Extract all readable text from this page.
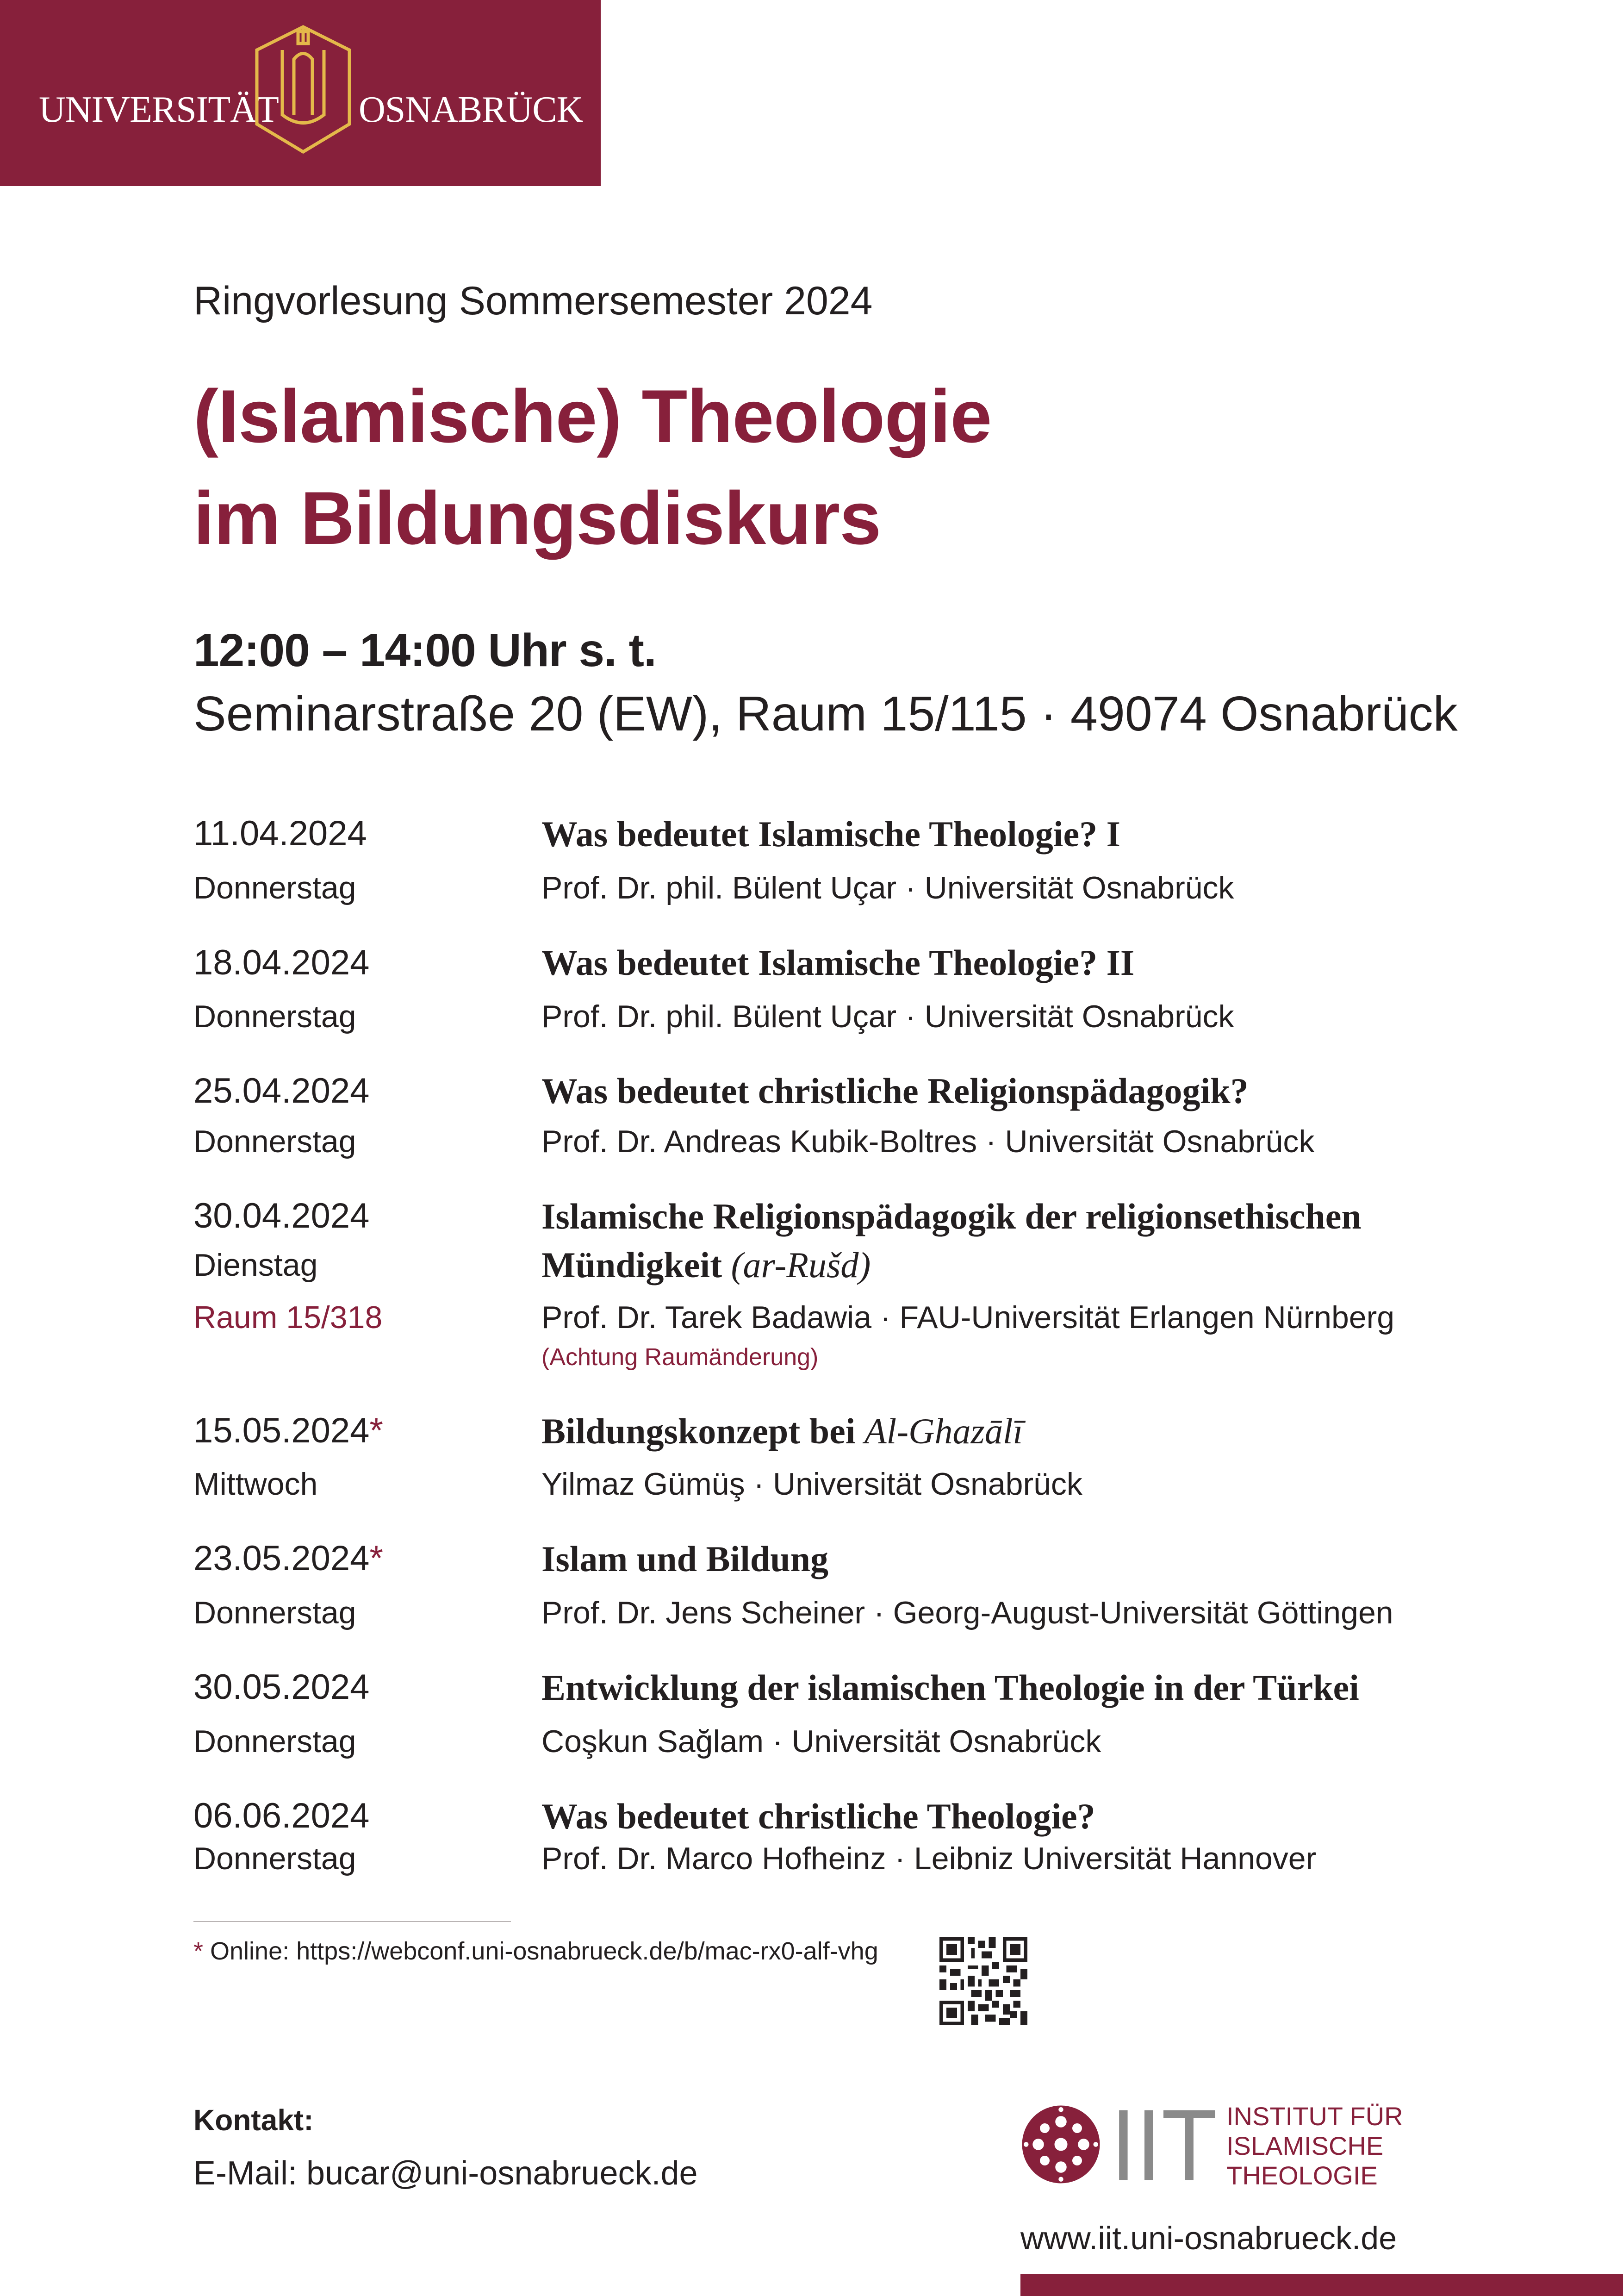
UNIVERSITÄT OSNABRÜCK
Ringvorlesung Sommersemester 2024
(Islamische) Theologie
im Bildungsdiskurs
12:00 – 14:00 Uhr s. t.
Seminarstraße 20 (EW), Raum 15/115 · 49074 Osnabrück
11.04.2024
Donnerstag
Was bedeutet Islamische Theologie? I
Prof. Dr. phil. Bülent Uçar · Universität Osnabrück
18.04.2024
Donnerstag
Was bedeutet Islamische Theologie? II
Prof. Dr. phil. Bülent Uçar · Universität Osnabrück
25.04.2024
Donnerstag
Was bedeutet christliche Religionspädagogik?
Prof. Dr. Andreas Kubik-Boltres · Universität Osnabrück
30.04.2024
Dienstag
Raum 15/318
Islamische Religionspädagogik der religionsethischen
Mündigkeit (ar-Rušd)
Prof. Dr. Tarek Badawia · FAU-Universität Erlangen Nürnberg
(Achtung Raumänderung)
15.05.2024*
Mittwoch
Bildungskonzept bei Al-Ghazālī
Yilmaz Gümüş · Universität Osnabrück
23.05.2024*
Donnerstag
Islam und Bildung
Prof. Dr. Jens Scheiner · Georg-August-Universität Göttingen
30.05.2024
Donnerstag
Entwicklung der islamischen Theologie in der Türkei
Coşkun Sağlam · Universität Osnabrück
06.06.2024
Donnerstag
Was bedeutet christliche Theologie?
Prof. Dr. Marco Hofheinz · Leibniz Universität Hannover
* Online: https://webconf.uni-osnabrueck.de/b/mac-rx0-alf-vhg
Kontakt:
E-Mail: bucar@uni-osnabrueck.de	IIT INSTITUT FÜR
ISLAMISCHE
THEOLOGIE
www.iit.uni-osnabrueck.de
